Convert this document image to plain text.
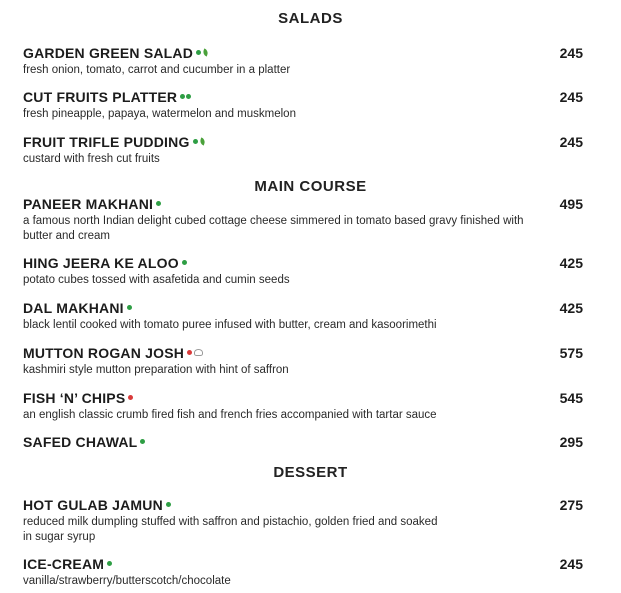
SALADS
GARDEN GREEN SALAD	245
fresh onion, tomato, carrot and cucumber in a platter
CUT FRUITS PLATTER	245
fresh pineapple, papaya, watermelon and muskmelon
FRUIT TRIFLE PUDDING	245
custard with fresh cut fruits
MAIN COURSE
PANEER MAKHANI	495
a famous north Indian delight cubed cottage cheese simmered in tomato based gravy finished with butter and cream
HING JEERA KE ALOO	425
potato cubes tossed with asafetida and cumin seeds
DAL MAKHANI	425
black lentil cooked with tomato puree infused with butter, cream and kasoorimethi
MUTTON ROGAN JOSH	575
kashmiri style mutton preparation with hint of saffron
FISH ‘N’ CHIPS	545
an english classic crumb fired fish and french fries accompanied with tartar sauce
SAFED CHAWAL	295
DESSERT
HOT GULAB JAMUN	275
reduced milk dumpling stuffed with saffron and pistachio, golden fried and soaked in sugar syrup
ICE-CREAM	245
vanilla/strawberry/butterscotch/chocolate
